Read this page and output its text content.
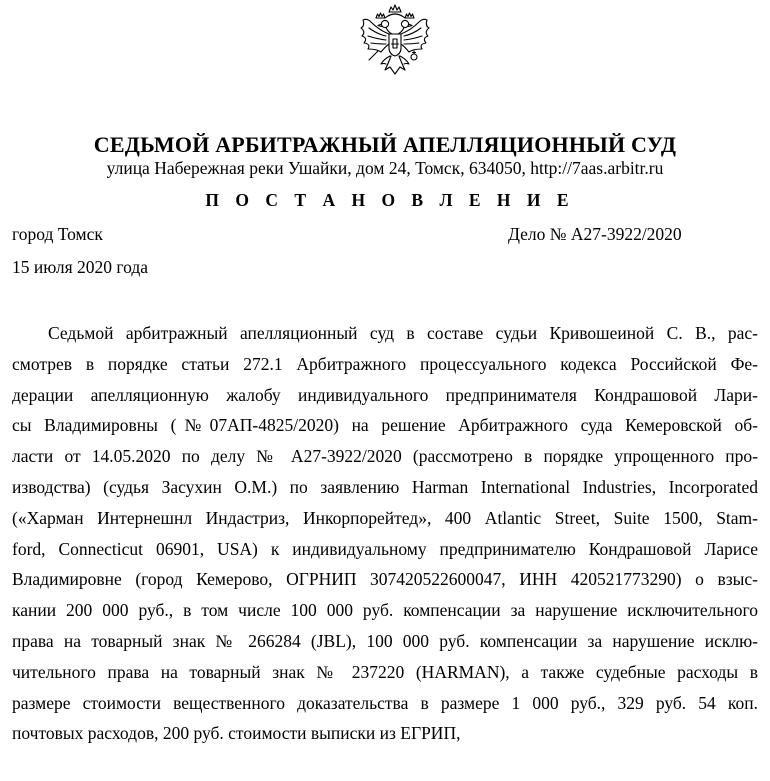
СЕДЬМОЙ АРБИТРАЖНЫЙ АПЕЛЛЯЦИОННЫЙ СУД
улица Набережная реки Ушайки, дом 24, Томск, 634050, http://7aas.arbitr.ru
П О С Т А Н О В Л Е Н И Е
город Томск	Дело № А27-3922/2020
15 июля 2020 года
Седьмой арбитражный апелляционный суд в составе судьи Кривошеиной С. В., рас-
смотрев в порядке статьи 272.1 Арбитражного процессуального кодекса Российской Фе-
дерации апелляционную жалобу индивидуального предпринимателя Кондрашовой Лари-
сы Владимировны (№07АП-4825/2020) на решение Арбитражного суда Кемеровской об-
ласти от 14.05.2020 по делу № А27-3922/2020 (рассмотрено в порядке упрощенного про-
изводства) (судья Засухин О.М.) по заявлению Harman International Industries, Incorporated
(«Харман Интернешнл Индастриз, Инкорпорейтед», 400 Atlantic Street, Suite 1500, Stam-
ford, Connecticut 06901, USA) к индивидуальному предпринимателю Кондрашовой Ларисе
Владимировне (город Кемерово, ОГРНИП 307420522600047, ИНН 420521773290) о взыс-
кании 200 000 руб., в том числе 100 000 руб. компенсации за нарушение исключительного
права на товарный знак № 266284 (JBL), 100 000 руб. компенсации за нарушение исклю-
чительного права на товарный знак № 237220 (HARMAN), а также судебные расходы в
размере стоимости вещественного доказательства в размере 1 000 руб., 329 руб. 54 коп.
почтовых расходов, 200 руб. стоимости выписки из ЕГРИП,
